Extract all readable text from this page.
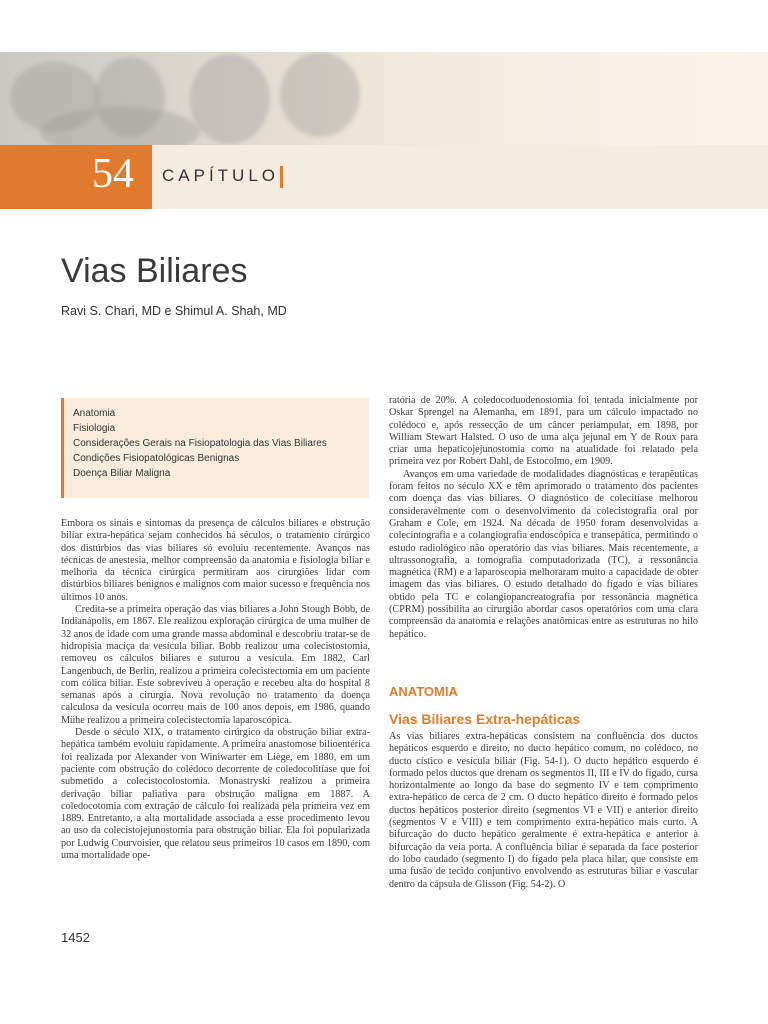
54 CAPÍTULO
Vias Biliares
Ravi S. Chari, MD e Shimul A. Shah, MD
Anatomia
Fisiologia
Considerações Gerais na Fisiopatologia das Vias Biliares
Condições Fisiopatológicas Benignas
Doença Biliar Maligna

Embora os sinais e sintomas da presença de cálculos biliares e obstrução biliar extra-hepática sejam conhecidos há séculos, o tratamento cirúrgico dos distúrbios das vias biliares só evoluiu recentemente. Avanços nas técnicas de anestesia, melhor compreensão da anatomia e fisiologia biliar e melhoria da técnica cirúrgica permitiram aos cirurgiões lidar com distúrbios biliares benignos e malignos com maior sucesso e frequência nos últimos 10 anos.

Credita-se a primeira operação das vias biliares a John Stough Bobb, de Indianápolis, em 1867. Ele realizou exploração cirúrgica de uma mulher de 32 anos de idade com uma grande massa abdominal e descobriu tratar-se de hidropisia maciça da vesícula biliar. Bobb realizou uma colecistostomia, removeu os cálculos biliares e suturou a vesícula. Em 1882, Carl Langenbuch, de Berlin, realizou a primeira colecistectomia em um paciente com cólica biliar. Este sobreviveu à operação e recebeu alta do hospital 8 semanas após a cirurgia. Nova revolução no tratamento da doença calculosa da vesícula ocorreu mais de 100 anos depois, em 1986, quando Mühe realizou a primeira colecistectomia laparoscópica.

Desde o século XIX, o tratamento cirúrgico da obstrução biliar extra-hepática também evoluiu rapidamente. A primeira anastomose bilioentérica foi realizada por Alexander von Winiwarter em Liège, em 1880, em um paciente com obstrução do colédoco decorrente de coledocolitíase que foi submetido a colecistocolostomia. Monastryski realizou a primeira derivação biliar paliativa para obstrução maligna em 1887. A coledocotomia com extração de cálculo foi realizada pela primeira vez em 1889. Entretanto, a alta mortalidade associada a esse procedimento levou ao uso da colecistojejunostomia para obstrução biliar. Ela foi popularizada por Ludwig Courvoisier, que relatou seus primeiros 10 casos em 1890, com uma mortalidade ope-

ratória de 20%. A coledocoduodenostomia foi tentada inicialmente por Oskar Sprengel na Alemanha, em 1891, para um cálculo impactado no colédoco e, após ressecção de um câncer periampular, em 1898, por William Stewart Halsted. O uso de uma alça jejunal em Y de Roux para criar uma hepaticojejunostomia como na atualidade foi relatado pela primeira vez por Robert Dahl, de Estocolmo, em 1909.

Avanços em uma variedade de modalidades diagnósticas e terapêuticas foram feitos no século XX e têm aprimorado o tratamento dos pacientes com doença das vias biliares. O diagnóstico de colecitíase melhorou consideravelmente com o desenvolvimento da colecistografia oral por Graham e Cole, em 1924. Na década de 1950 foram desenvolvidas a colecintografia e a colangiografia endoscópica e transepática, permitindo o estudo radiológico não operatório das vias biliares. Mais recentemente, a ultrassonografia, a tomografia computadorizada (TC), a ressonância magnética (RM) e a laparoscopia melhoraram muito a capacidade de obter imagem das vias biliares. O estudo detalhado do fígado e vias biliares obtido pela TC e colangiopancreatografia por ressonância magnética (CPRM) possibilita ao cirurgião abordar casos operatórios com uma clara compreensão da anatomia e relações anatômicas entre as estruturas no hilo hepático.

ANATOMIA
Vias Biliares Extra-hepáticas

As vias biliares extra-hepáticas consistem na confluência dos ductos hepáticos esquerdo e direito, no ducto hepático comum, no colédoco, no ducto cístico e vesícula biliar (Fig. 54-1). O ducto hepático esquerdo é formado pelos ductos que drenam os segmentos II, III e IV do fígado, cursa horizontalmente ao longo da base do segmento IV e tem comprimento extra-hepático de cerca de 2 cm. O ducto hepático direito é formado pelos ductos hepáticos posterior direito (segmentos VI e VII) e anterior direito (segmentos V e VIII) e tem comprimento extra-hepático mais curto. A bifurcação do ducto hepático geralmente é extra-hepática e anterior à bifurcação da veia porta. A confluência biliar é separada da face posterior do lobo caudado (segmento I) do fígado pela placa hilar, que consiste em uma fusão de tecido conjuntivo envolvendo as estruturas biliar e vascular dentro da cápsula de Glisson (Fig. 54-2). O

1452
